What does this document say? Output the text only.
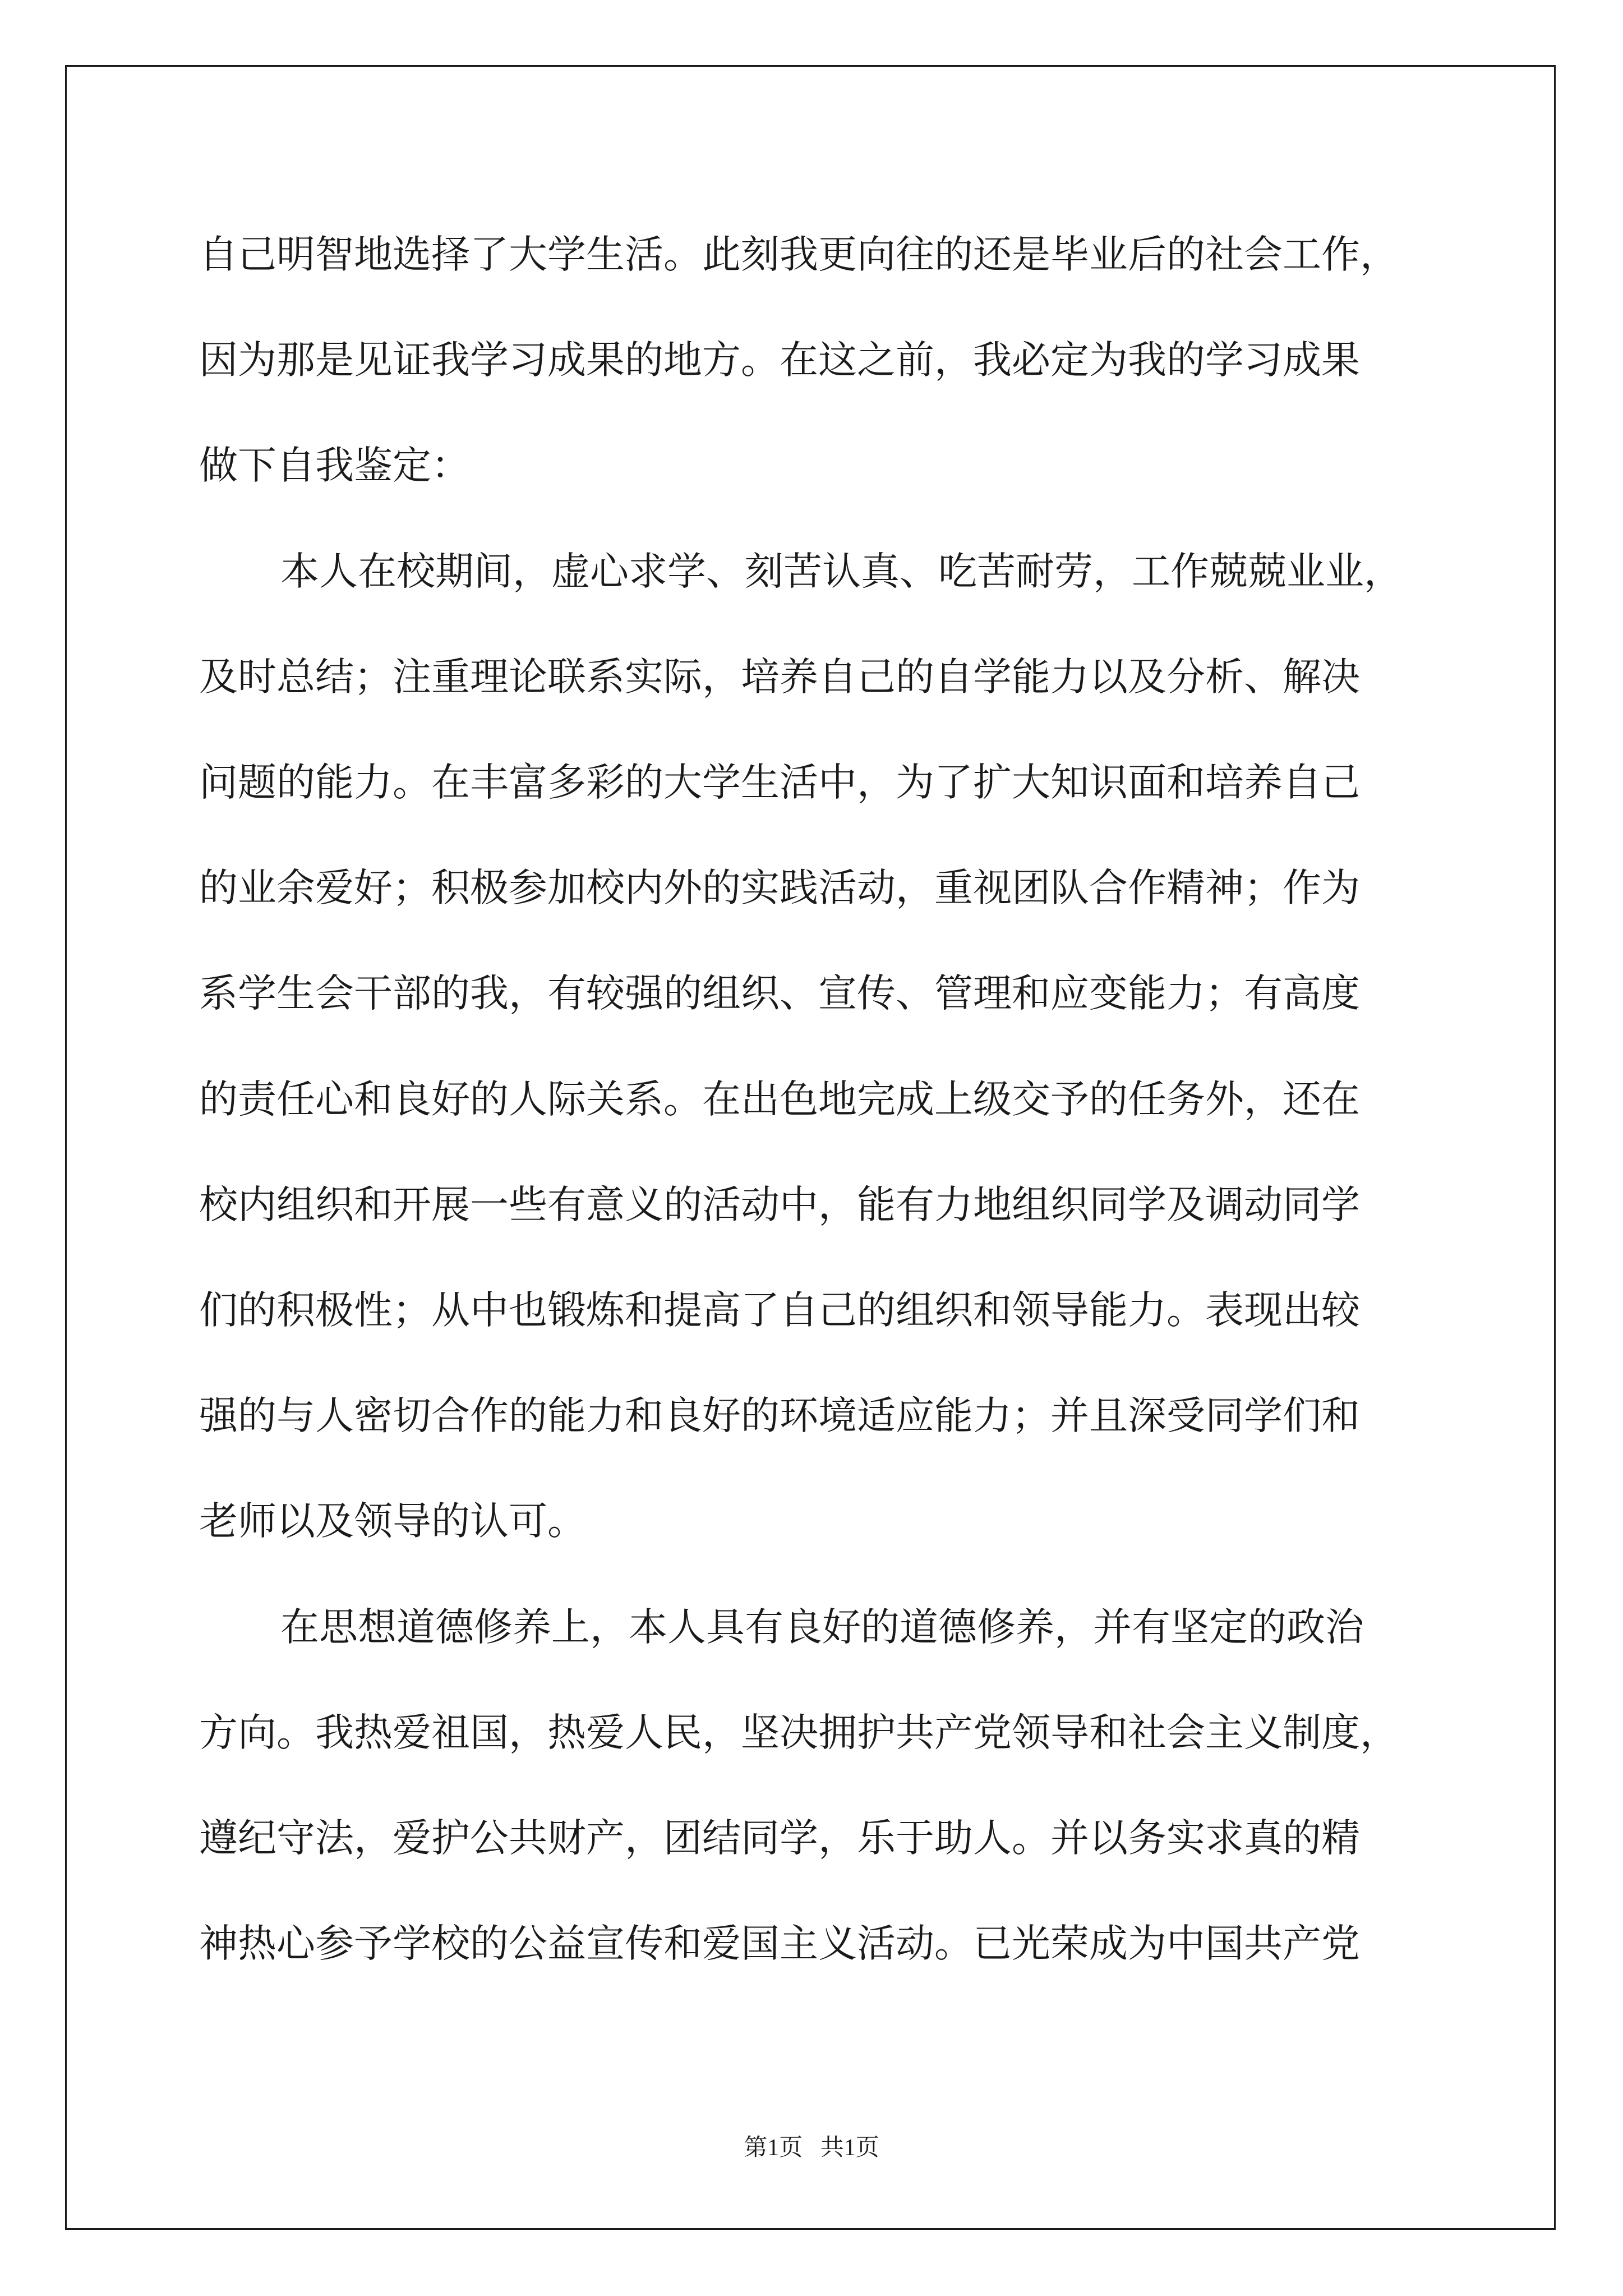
自己明智地选择了大学生活。此刻我更向往的还是毕业后的社会工作，

因为那是见证我学习成果的地方。在这之前，我必定为我的学习成果

做下自我鉴定：

本人在校期间，虚心求学、刻苦认真、吃苦耐劳，工作兢兢业业，

及时总结；注重理论联系实际，培养自己的自学能力以及分析、解决

问题的能力。在丰富多彩的大学生活中，为了扩大知识面和培养自己

的业余爱好；积极参加校内外的实践活动，重视团队合作精神；作为

系学生会干部的我，有较强的组织、宣传、管理和应变能力；有高度

的责任心和良好的人际关系。在出色地完成上级交予的任务外，还在

校内组织和开展一些有意义的活动中，能有力地组织同学及调动同学

们的积极性；从中也锻炼和提高了自己的组织和领导能力。表现出较

强的与人密切合作的能力和良好的环境适应能力；并且深受同学们和

老师以及领导的认可。

在思想道德修养上，本人具有良好的道德修养，并有坚定的政治

方向。我热爱祖国，热爱人民，坚决拥护共产党领导和社会主义制度，

遵纪守法，爱护公共财产，团结同学，乐于助人。并以务实求真的精

神热心参予学校的公益宣传和爱国主义活动。已光荣成为中国共产党

第1页   共1页
